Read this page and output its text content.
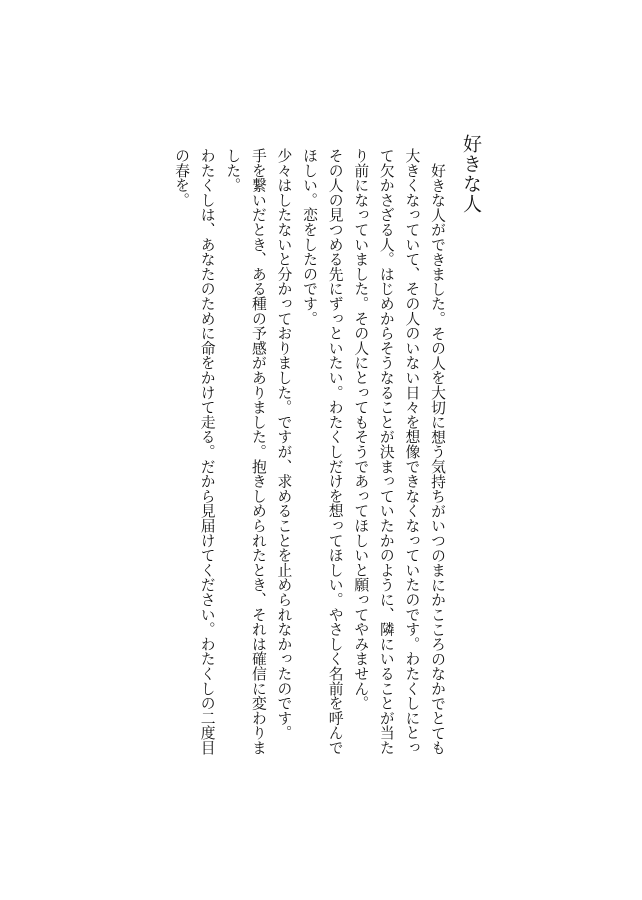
好きな人

好きな人ができました。その人を大切に想う気持ちがいつのまにかこころのなかでとても大きくなっていて、その人のいない日々を想像できなくなっていたのです。わたくしにとって欠かさざる人。はじめからそうなることが決まっていたかのように、隣にいることが当たり前になっていました。その人にとってもそうであってほしいと願ってやみません。

その人の見つめる先にずっといたい。わたくしだけを想ってほしい。やさしく名前を呼んでほしい。恋をしたのです。

少々はしたないと分かっておりました。ですが、求めることを止められなかったのです。

手を繋いだとき、ある種の予感がありました。抱きしめられたとき、それは確信に変わりました。

わたくしは、あなたのために命をかけて走る。だから見届けてください。わたくしの二度目の春を。
